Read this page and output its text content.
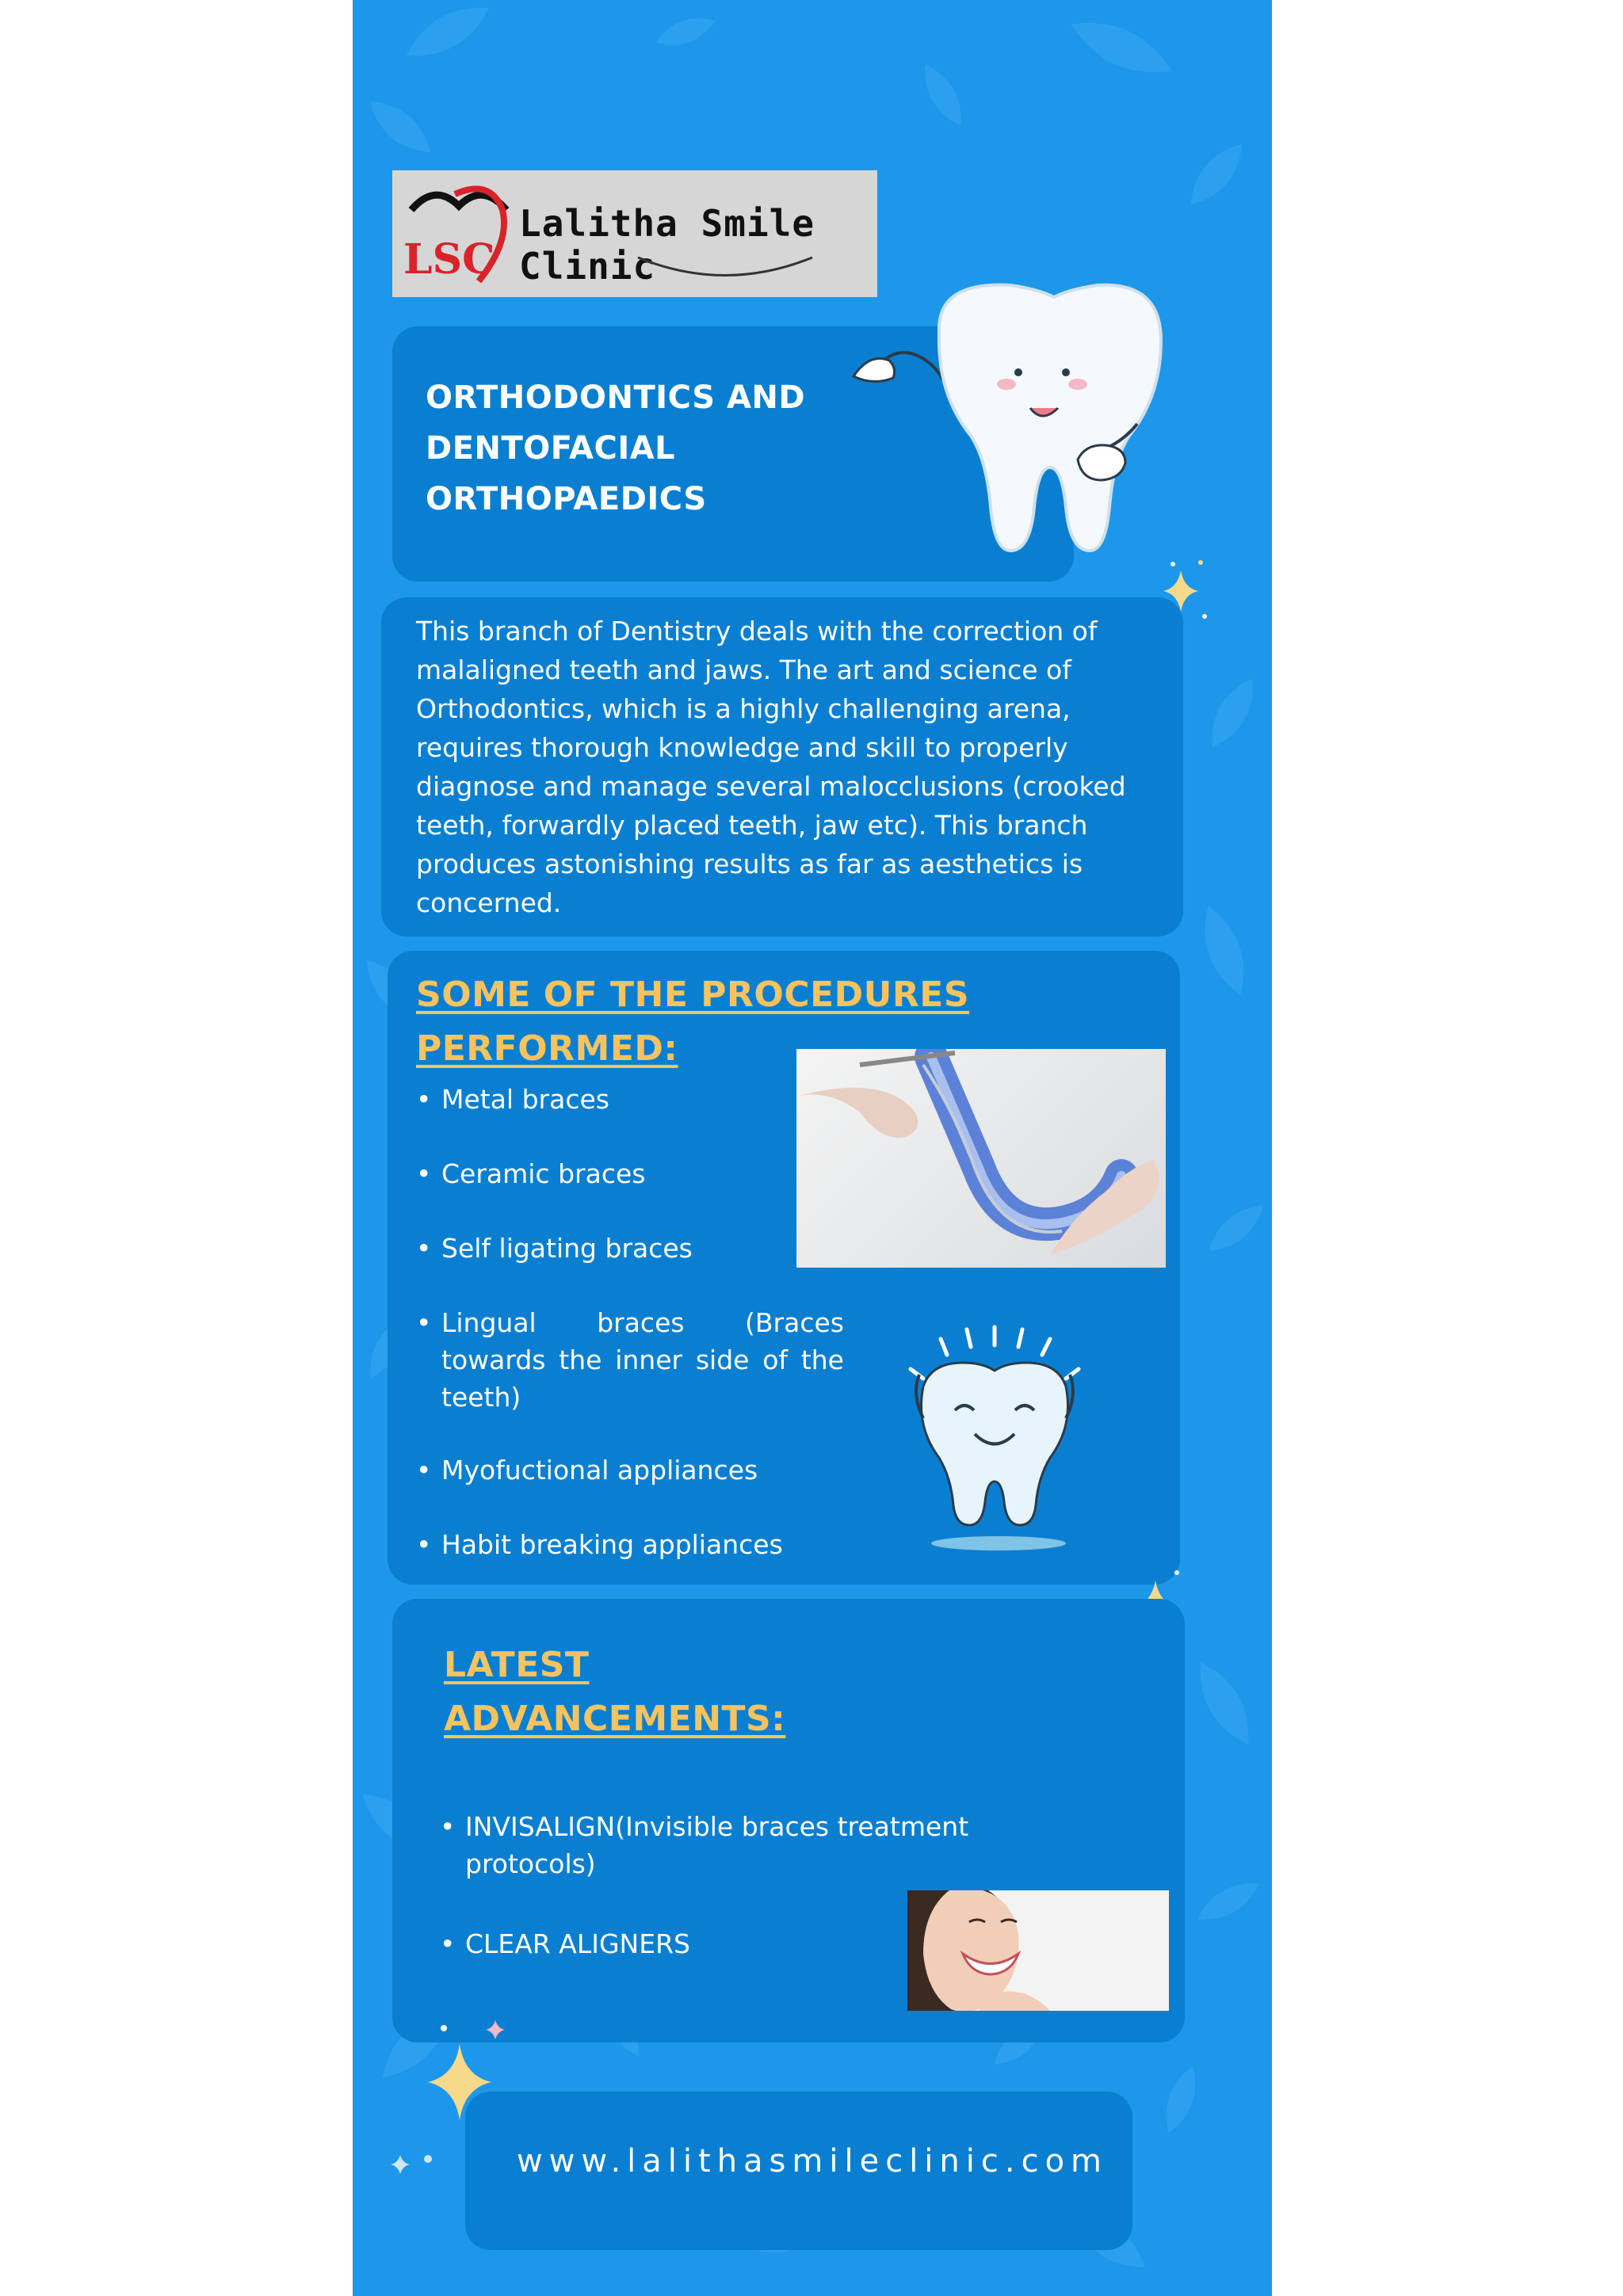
LSC
Lalitha Smile Clinic
ORTHODONTICS AND
DENTOFACIAL
ORTHOPAEDICS
This branch of Dentistry deals with the correction of malaligned teeth and jaws. The art and science of Orthodontics, which is a highly challenging arena, requires thorough knowledge and skill to properly diagnose and manage several malocclusions (crooked teeth, forwardly placed teeth, jaw etc). This branch produces astonishing results as far as aesthetics is concerned.
SOME OF THE PROCEDURES
PERFORMED:
• Metal braces
• Ceramic braces
• Self ligating braces
• Lingual braces (Braces towards the inner side of the teeth)
• Myofuctional appliances
• Habit breaking appliances
LATEST
ADVANCEMENTS:
• INVISALIGN(Invisible braces treatment protocols)
• CLEAR ALIGNERS
www.lalithasmileclinic.com
